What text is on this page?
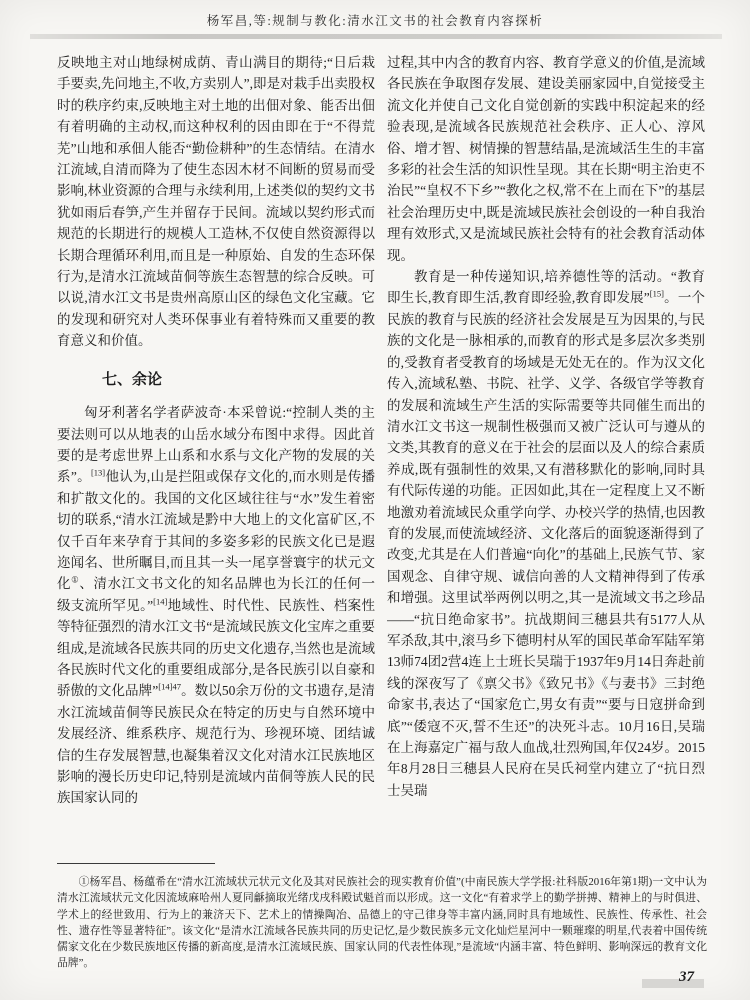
杨军昌,等:规制与教化:清水江文书的社会教育内容探析

反映地主对山地绿树成荫、青山满目的期待;“日后栽手要卖,先问地主,不收,方卖别人”,即是对栽手出卖股权时的秩序约束,反映地主对土地的出佃对象、能否出佃有着明确的主动权,而这种权利的因由即在于“不得荒芜”山地和承佃人能否“勤俭耕种”的生态情结。在清水江流域,自清而降为了使生态因木材不间断的贸易而受影响,林业资源的合理与永续利用,上述类似的契约文书犹如雨后春笋,产生并留存于民间。流域以契约形式而规范的长期进行的规模人工造林,不仅使自然资源得以长期合理循环利用,而且是一种原始、自发的生态环保行为,是清水江流域苗侗等族生态智慧的综合反映。可以说,清水江文书是贵州高原山区的绿色文化宝藏。它的发现和研究对人类环保事业有着特殊而又重要的教育意义和价值。

七、余论

匈牙利著名学者萨波奇·本采曾说:“控制人类的主要法则可以从地表的山岳水域分布图中求得。因此首要的是考虑世界上山系和水系与文化产物的发展的关系”。[13]他认为,山是拦阻或保存文化的,而水则是传播和扩散文化的。我国的文化区域往往与“水”发生着密切的联系,“清水江流域是黔中大地上的文化富矿区,不仅千百年来孕育于其间的多姿多彩的民族文化已是遐迩闻名、世所瞩目,而且其一头一尾享誉寰宇的状元文化①、清水江文书文化的知名品牌也为长江的任何一级支流所罕见。”[14]地域性、时代性、民族性、档案性等特征强烈的清水江文书“是流域民族文化宝库之重要组成,是流域各民族共同的历史文化遗存,当然也是流域各民族时代文化的重要组成部分,是各民族引以自豪和骄傲的文化品牌”$^{[14]47}$。数以50余万份的文书遗存,是清水江流域苗侗等民族民众在特定的历史与自然环境中发展经济、维系秩序、规范行为、珍视环境、团结诚信的生存发展智慧,也凝集着汉文化对清水江民族地区影响的漫长历史印记,特别是流域内苗侗等族人民的民族国家认同的

过程,其中内含的教育内容、教育学意义的价值,是流域各民族在争取图存发展、建设美丽家园中,自觉接受主流文化并使自己文化自觉创新的实践中积淀起来的经验表现,是流域各民族规范社会秩序、正人心、淳风俗、增才智、树情操的智慧结晶,是流域活生生的丰富多彩的社会生活的知识性呈现。其在长期“明主治吏不治民”“皇权不下乡”“教化之权,常不在上而在下”的基层社会治理历史中,既是流域民族社会创设的一种自我治理有效形式,又是流域民族社会特有的社会教育活动体现。

教育是一种传递知识,培养德性等的活动。“教育即生长,教育即生活,教育即经验,教育即发展”[15]。一个民族的教育与民族的经济社会发展是互为因果的,与民族的文化是一脉相承的,而教育的形式是多层次多类别的,受教育者受教育的场域是无处无在的。作为汉文化传入,流域私塾、书院、社学、义学、各级官学等教育的发展和流域生产生活的实际需要等共同催生而出的清水江文书这一规制性极强而又被广泛认可与遵从的文类,其教育的意义在于社会的层面以及人的综合素质养成,既有强制性的效果,又有潜移默化的影响,同时具有代际传递的功能。正因如此,其在一定程度上又不断地激劝着流域民众重学向学、办校兴学的热情,也因教育的发展,而使流域经济、文化落后的面貌逐渐得到了改变,尤其是在人们普遍“向化”的基础上,民族气节、家国观念、自律守规、诚信向善的人文精神得到了传承和增强。这里试举两例以明之,其一是流域文书之珍品——“抗日绝命家书”。抗战期间三穗县共有5177人从军杀敌,其中,滚马乡下德明村从军的国民革命军陆军第13师74团2营4连上士班长吴瑞于1937年9月14日奔赴前线的深夜写了《禀父书》《致兄书》《与妻书》三封绝命家书,表达了“国家危亡,男女有责”“要与日寇拼命到底”“倭寇不灭,誓不生还”的决死斗志。10月16日,吴瑞在上海嘉定广福与敌人血战,壮烈殉国,年仅24岁。2015年8月28日三穗县人民府在吴氏祠堂内建立了“抗日烈士吴瑞

①杨军昌、杨蕴希在“清水江流域状元状元文化及其对民族社会的现实教育价值”(中南民族大学学报:社科版2016年第1期)一文中认为清水江流域状元文化因流域麻哈州人夏同龢摘取光绪戊戌科殿试魁首而以形成。这一文化“有着求学上的勤学拼搏、精神上的与时俱进、学术上的经世致用、行为上的兼济天下、艺术上的情操陶冶、品德上的守己律身等丰富内涵,同时具有地域性、民族性、传承性、社会性、遗存性等显著特征”。该文化“是清水江流域各民族共同的历史记忆,是少数民族多元文化灿烂星河中一颗璀璨的明星,代表着中国传统儒家文化在少数民族地区传播的新高度,是清水江流域民族、国家认同的代表性体现,”是流域“内涵丰富、特色鲜明、影响深远的教育文化品牌”。
37
